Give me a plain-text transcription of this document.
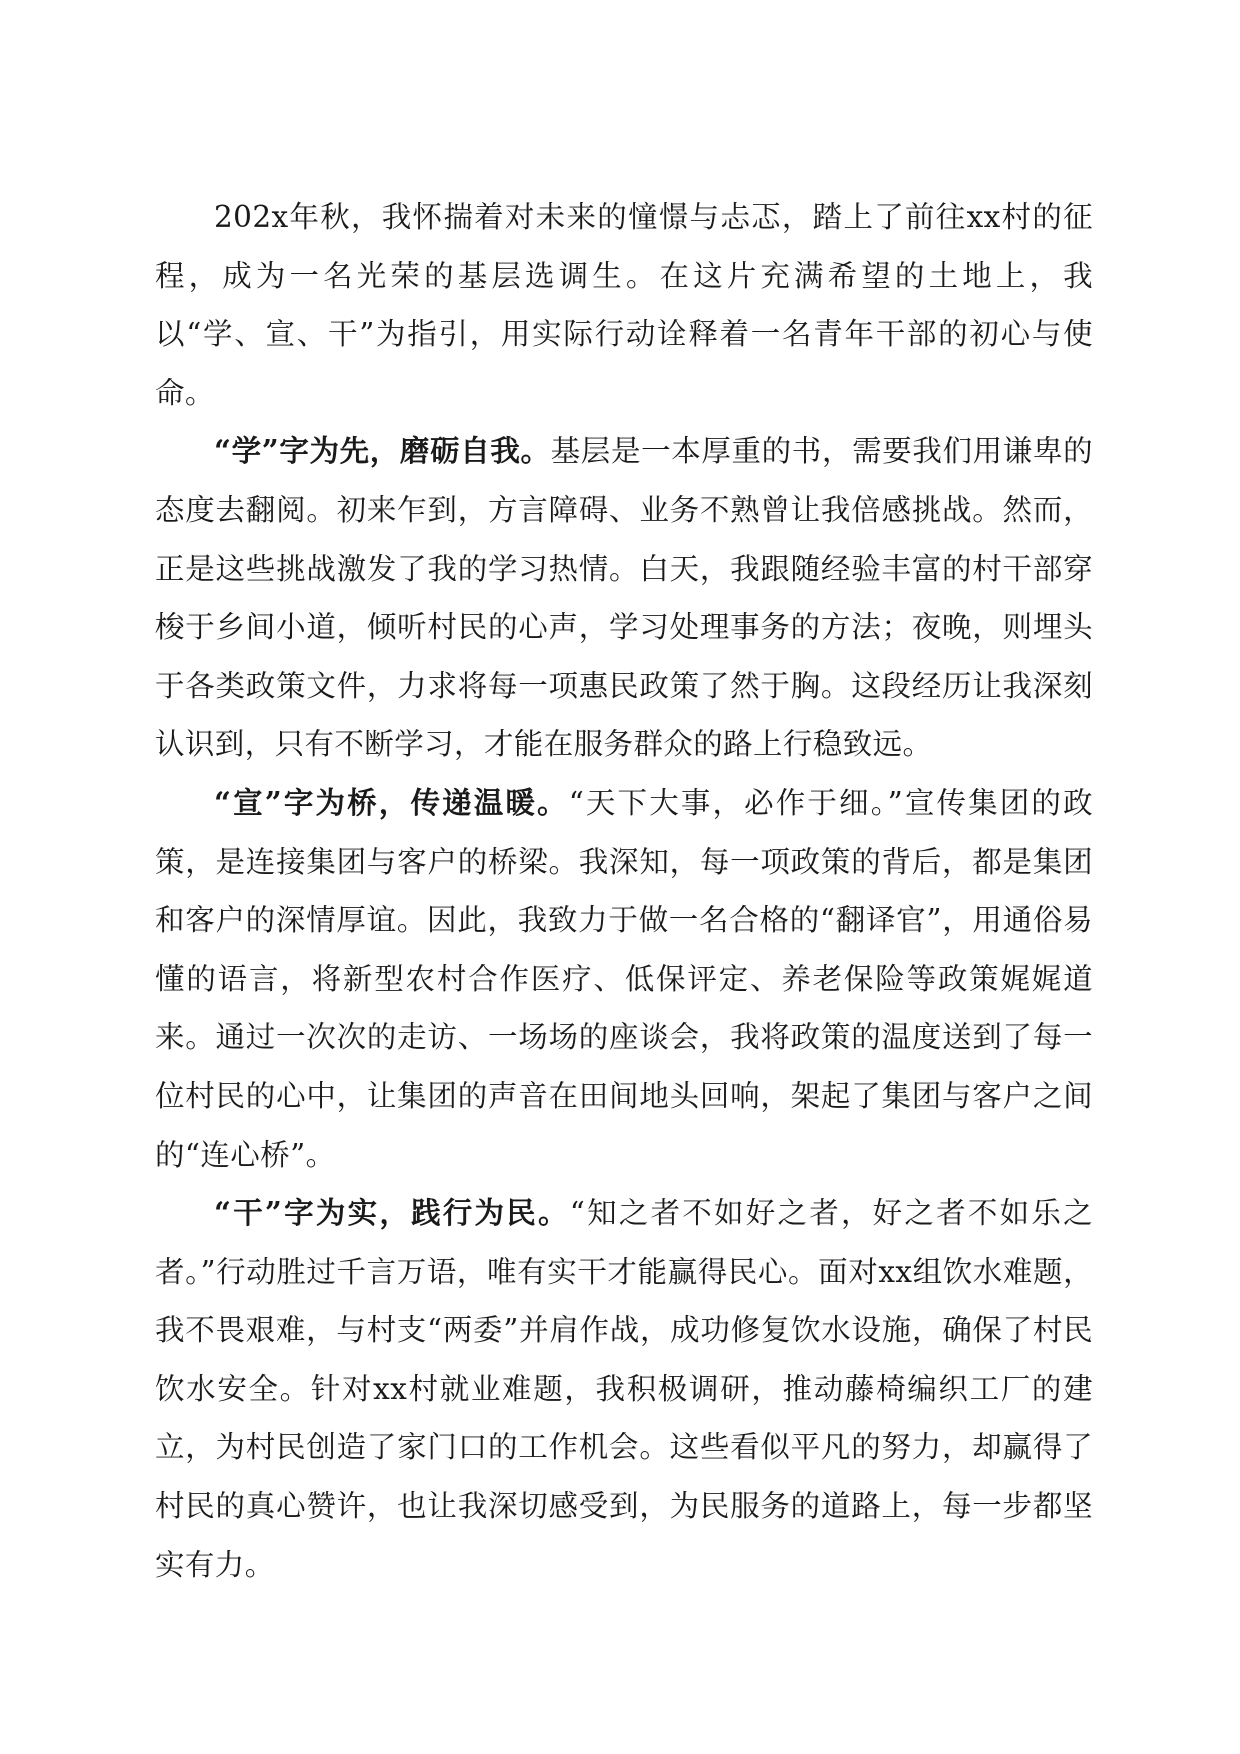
202x年秋，我怀揣着对未来的憧憬与忐忑，踏上了前往xx村的征程，成为一名光荣的基层选调生。在这片充满希望的土地上，我以“学、宣、干”为指引，用实际行动诠释着一名青年干部的初心与使命。

“学”字为先，磨砺自我。基层是一本厚重的书，需要我们用谦卑的态度去翻阅。初来乍到，方言障碍、业务不熟曾让我倍感挑战。然而，正是这些挑战激发了我的学习热情。白天，我跟随经验丰富的村干部穿梭于乡间小道，倾听村民的心声，学习处理事务的方法；夜晚，则埋头于各类政策文件，力求将每一项惠民政策了然于胸。这段经历让我深刻认识到，只有不断学习，才能在服务群众的路上行稳致远。

“宣”字为桥，传递温暖。“天下大事，必作于细。”宣传集团的政策，是连接集团与客户的桥梁。我深知，每一项政策的背后，都是集团和客户的深情厚谊。因此，我致力于做一名合格的“翻译官”，用通俗易懂的语言，将新型农村合作医疗、低保评定、养老保险等政策娓娓道来。通过一次次的走访、一场场的座谈会，我将政策的温度送到了每一位村民的心中，让集团的声音在田间地头回响，架起了集团与客户之间的“连心桥”。

“干”字为实，践行为民。“知之者不如好之者，好之者不如乐之者。”行动胜过千言万语，唯有实干才能赢得民心。面对xx组饮水难题，我不畏艰难，与村支“两委”并肩作战，成功修复饮水设施，确保了村民饮水安全。针对xx村就业难题，我积极调研，推动藤椅编织工厂的建立，为村民创造了家门口的工作机会。这些看似平凡的努力，却赢得了村民的真心赞许，也让我深切感受到，为民服务的道路上，每一步都坚实有力。
